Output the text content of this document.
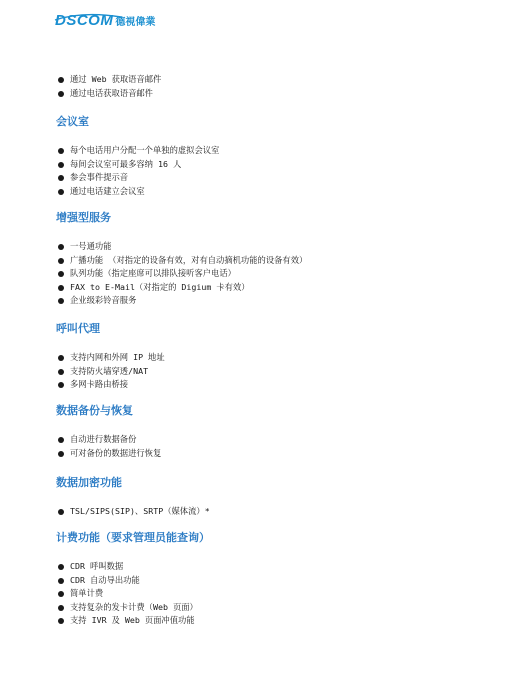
DSCOM 德視偉業
通过 Web 获取语音邮件
通过电话获取语音邮件
会议室
每个电话用户分配一个单独的虚拟会议室
每间会议室可最多容纳 16 人
参会事件提示音
通过电话建立会议室
增强型服务
一号通功能
广播功能 （对指定的设备有效，对有自动摘机功能的设备有效）
队列功能（指定座席可以排队接听客户电话）
FAX to E-Mail（对指定的 Digium 卡有效）
企业级彩铃音服务
呼叫代理
支持内网和外网 IP 地址
支持防火墙穿透/NAT
多网卡路由桥接
数据备份与恢复
自动进行数据备份
可对备份的数据进行恢复
数据加密功能
TSL/SIPS(SIP)、SRTP（媒体流）*
计费功能（要求管理员能查询）
CDR 呼叫数据
CDR 自动导出功能
简单计费
支持复杂的发卡计费（Web 页面）
支持 IVR 及 Web 页面冲值功能
